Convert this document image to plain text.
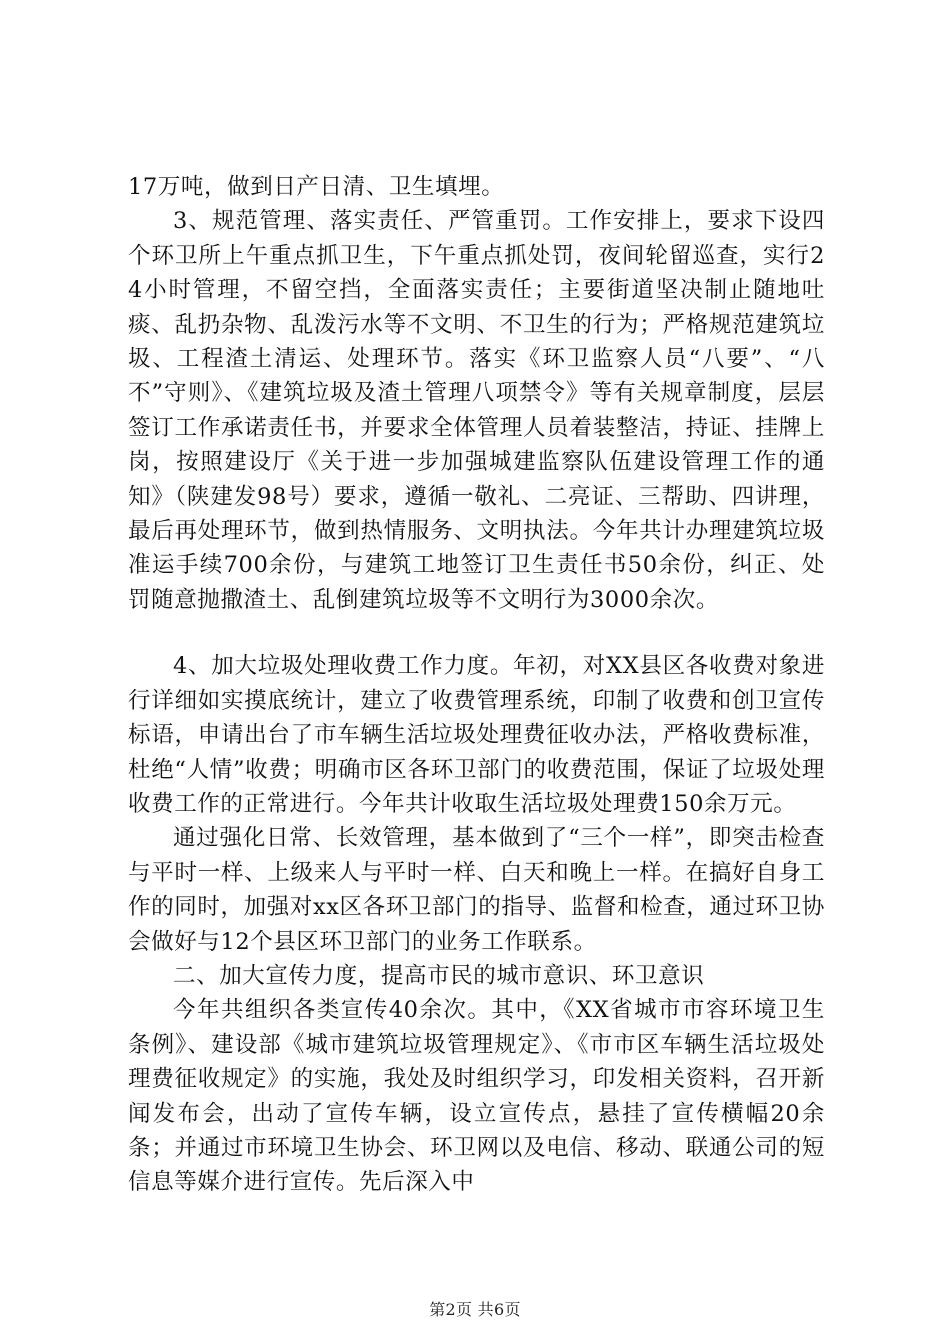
17万吨，做到日产日清、卫生填埋。

3、规范管理、落实责任、严管重罚。工作安排上，要求下设四个环卫所上午重点抓卫生，下午重点抓处罚，夜间轮留巡查，实行24小时管理，不留空挡，全面落实责任；主要街道坚决制止随地吐痰、乱扔杂物、乱泼污水等不文明、不卫生的行为；严格规范建筑垃圾、工程渣土清运、处理环节。落实《环卫监察人员“八要”、“八不”守则》、《建筑垃圾及渣土管理八项禁令》等有关规章制度，层层签订工作承诺责任书，并要求全体管理人员着装整洁，持证、挂牌上岗，按照建设厅《关于进一步加强城建监察队伍建设管理工作的通知》（陕建发98号）要求，遵循一敬礼、二亮证、三帮助、四讲理，最后再处理环节，做到热情服务、文明执法。今年共计办理建筑垃圾准运手续700余份，与建筑工地签订卫生责任书50余份，纠正、处罚随意抛撒渣土、乱倒建筑垃圾等不文明行为3000余次。

4、加大垃圾处理收费工作力度。年初，对XX县区各收费对象进行详细如实摸底统计，建立了收费管理系统，印制了收费和创卫宣传标语，申请出台了市车辆生活垃圾处理费征收办法，严格收费标准，杜绝“人情”收费；明确市区各环卫部门的收费范围，保证了垃圾处理收费工作的正常进行。今年共计收取生活垃圾处理费150余万元。

通过强化日常、长效管理，基本做到了“三个一样”，即突击检查与平时一样、上级来人与平时一样、白天和晚上一样。在搞好自身工作的同时，加强对xx区各环卫部门的指导、监督和检查，通过环卫协会做好与12个县区环卫部门的业务工作联系。

二、加大宣传力度，提高市民的城市意识、环卫意识

今年共组织各类宣传40余次。其中，《XX省城市市容环境卫生条例》、建设部《城市建筑垃圾管理规定》、《市市区车辆生活垃圾处理费征收规定》的实施，我处及时组织学习，印发相关资料，召开新闻发布会，出动了宣传车辆，设立宣传点，悬挂了宣传横幅20余条；并通过市环境卫生协会、环卫网以及电信、移动、联通公司的短信息等媒介进行宣传。先后深入中

第2页 共6页
